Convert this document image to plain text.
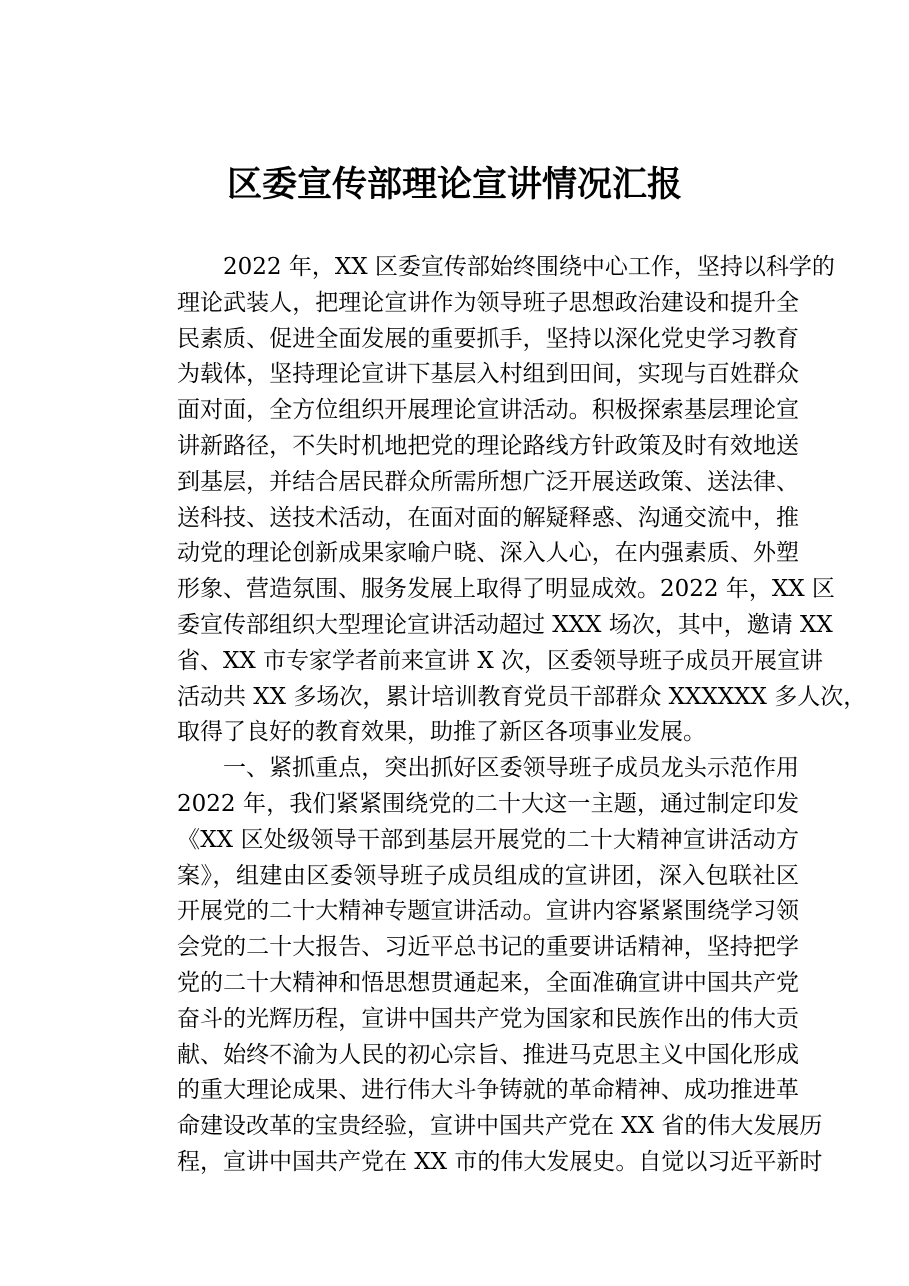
区委宣传部理论宣讲情况汇报
2022 年，XX 区委宣传部始终围绕中心工作，坚持以科学的
理论武装人，把理论宣讲作为领导班子思想政治建设和提升全
民素质、促进全面发展的重要抓手，坚持以深化党史学习教育
为载体，坚持理论宣讲下基层入村组到田间，实现与百姓群众
面对面，全方位组织开展理论宣讲活动。积极探索基层理论宣
讲新路径，不失时机地把党的理论路线方针政策及时有效地送
到基层，并结合居民群众所需所想广泛开展送政策、送法律、
送科技、送技术活动，在面对面的解疑释惑、沟通交流中，推
动党的理论创新成果家喻户晓、深入人心，在内强素质、外塑
形象、营造氛围、服务发展上取得了明显成效。2022 年，XX 区
委宣传部组织大型理论宣讲活动超过 XXX 场次，其中，邀请 XX
省、XX 市专家学者前来宣讲 X 次，区委领导班子成员开展宣讲
活动共 XX 多场次，累计培训教育党员干部群众 XXXXXX 多人次，
取得了良好的教育效果，助推了新区各项事业发展。
一、紧抓重点，突出抓好区委领导班子成员龙头示范作用
2022 年，我们紧紧围绕党的二十大这一主题，通过制定印发
《XX 区处级领导干部到基层开展党的二十大精神宣讲活动方
案》，组建由区委领导班子成员组成的宣讲团，深入包联社区
开展党的二十大精神专题宣讲活动。宣讲内容紧紧围绕学习领
会党的二十大报告、习近平总书记的重要讲话精神，坚持把学
党的二十大精神和悟思想贯通起来，全面准确宣讲中国共产党
奋斗的光辉历程，宣讲中国共产党为国家和民族作出的伟大贡
献、始终不渝为人民的初心宗旨、推进马克思主义中国化形成
的重大理论成果、进行伟大斗争铸就的革命精神、成功推进革
命建设改革的宝贵经验，宣讲中国共产党在 XX 省的伟大发展历
程，宣讲中国共产党在 XX 市的伟大发展史。自觉以习近平新时
